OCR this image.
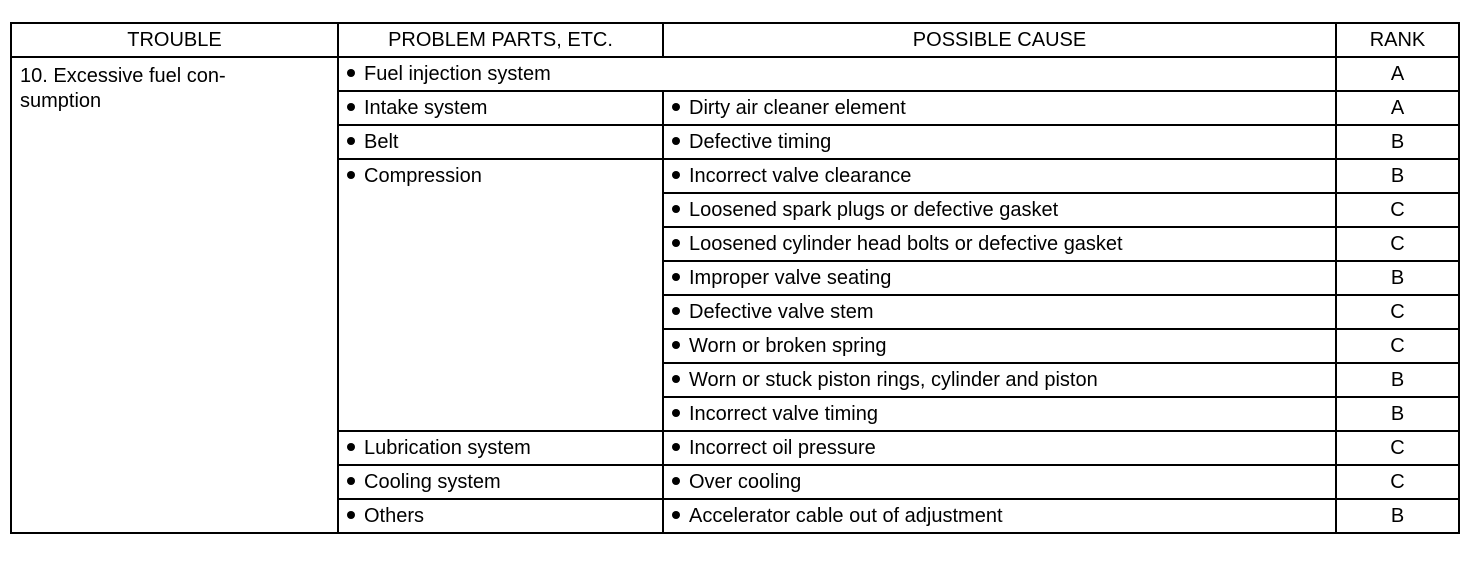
TROUBLE	PROBLEM PARTS, ETC.	POSSIBLE CAUSE	RANK
10. Excessive fuel con-
sumption	Fuel injection system		A
	Intake system	Dirty air cleaner element	A
	Belt	Defective timing	B
	Compression	Incorrect valve clearance	B
		Loosened spark plugs or defective gasket	C
		Loosened cylinder head bolts or defective gasket	C
		Improper valve seating	B
		Defective valve stem	C
		Worn or broken spring	C
		Worn or stuck piston rings, cylinder and piston	B
		Incorrect valve timing	B
	Lubrication system	Incorrect oil pressure	C
	Cooling system	Over cooling	C
	Others	Accelerator cable out of adjustment	B
